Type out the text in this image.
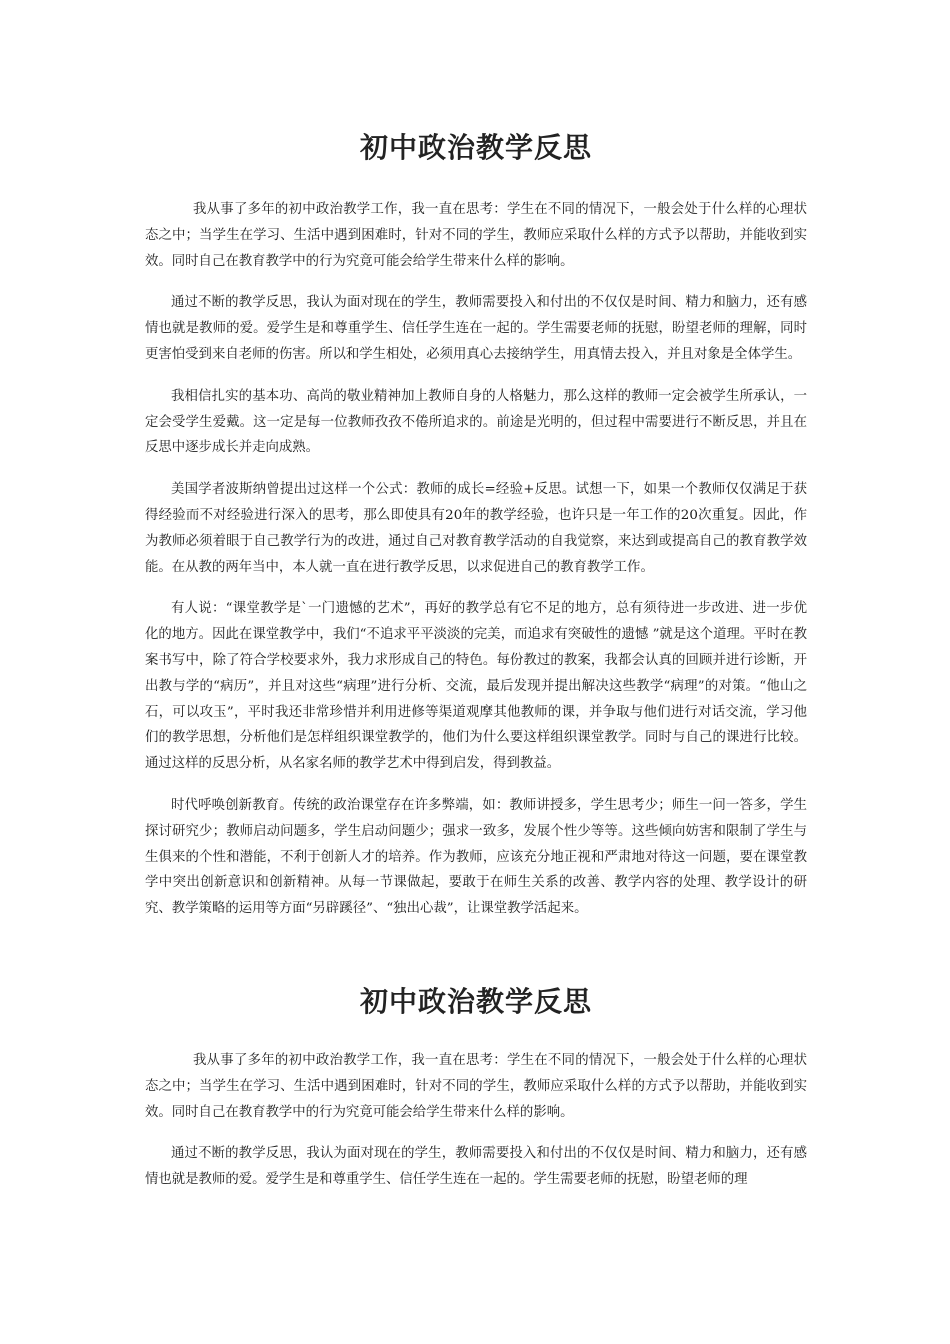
初中政治教学反思

我从事了多年的初中政治教学工作，我一直在思考：学生在不同的情况下，一般会处于什么样的心理状态之中；当学生在学习、生活中遇到困难时，针对不同的学生，教师应采取什么样的方式予以帮助，并能收到实效。同时自己在教育教学中的行为究竟可能会给学生带来什么样的影响。

通过不断的教学反思，我认为面对现在的学生，教师需要投入和付出的不仅仅是时间、精力和脑力，还有感情也就是教师的爱。爱学生是和尊重学生、信任学生连在一起的。学生需要老师的抚慰，盼望老师的理解，同时更害怕受到来自老师的伤害。所以和学生相处，必须用真心去接纳学生，用真情去投入，并且对象是全体学生。

我相信扎实的基本功、高尚的敬业精神加上教师自身的人格魅力，那么这样的教师一定会被学生所承认，一定会受学生爱戴。这一定是每一位教师孜孜不倦所追求的。前途是光明的，但过程中需要进行不断反思，并且在反思中逐步成长并走向成熟。

美国学者波斯纳曾提出过这样一个公式：教师的成长=经验+反思。试想一下，如果一个教师仅仅满足于获得经验而不对经验进行深入的思考，那么即使具有20年的教学经验，也许只是一年工作的20次重复。因此，作为教师必须着眼于自己教学行为的改进，通过自己对教育教学活动的自我觉察，来达到或提高自己的教育教学效能。在从教的两年当中，本人就一直在进行教学反思，以求促进自己的教育教学工作。

有人说：“课堂教学是`一门遗憾的艺术”，再好的教学总有它不足的地方，总有须待进一步改进、进一步优化的地方。因此在课堂教学中，我们“不追求平平淡淡的完美，而追求有突破性的遗憾 ”就是这个道理。平时在教案书写中，除了符合学校要求外，我力求形成自己的特色。每份教过的教案，我都会认真的回顾并进行诊断，开出教与学的“病历”，并且对这些“病理”进行分析、交流，最后发现并提出解决这些教学“病理”的对策。“他山之石，可以攻玉”，平时我还非常珍惜并利用进修等渠道观摩其他教师的课，并争取与他们进行对话交流，学习他们的教学思想，分析他们是怎样组织课堂教学的，他们为什么要这样组织课堂教学。同时与自己的课进行比较。通过这样的反思分析，从名家名师的教学艺术中得到启发，得到教益。

时代呼唤创新教育。传统的政治课堂存在许多弊端，如：教师讲授多，学生思考少；师生一问一答多，学生探讨研究少；教师启动问题多，学生启动问题少；强求一致多，发展个性少等等。这些倾向妨害和限制了学生与生俱来的个性和潜能，不利于创新人才的培养。作为教师，应该充分地正视和严肃地对待这一问题，要在课堂教学中突出创新意识和创新精神。从每一节课做起，要敢于在师生关系的改善、教学内容的处理、教学设计的研究、教学策略的运用等方面“另辟蹊径”、“独出心裁”，让课堂教学活起来。

初中政治教学反思

我从事了多年的初中政治教学工作，我一直在思考：学生在不同的情况下，一般会处于什么样的心理状态之中；当学生在学习、生活中遇到困难时，针对不同的学生，教师应采取什么样的方式予以帮助，并能收到实效。同时自己在教育教学中的行为究竟可能会给学生带来什么样的影响。

通过不断的教学反思，我认为面对现在的学生，教师需要投入和付出的不仅仅是时间、精力和脑力，还有感情也就是教师的爱。爱学生是和尊重学生、信任学生连在一起的。学生需要老师的抚慰，盼望老师的理
